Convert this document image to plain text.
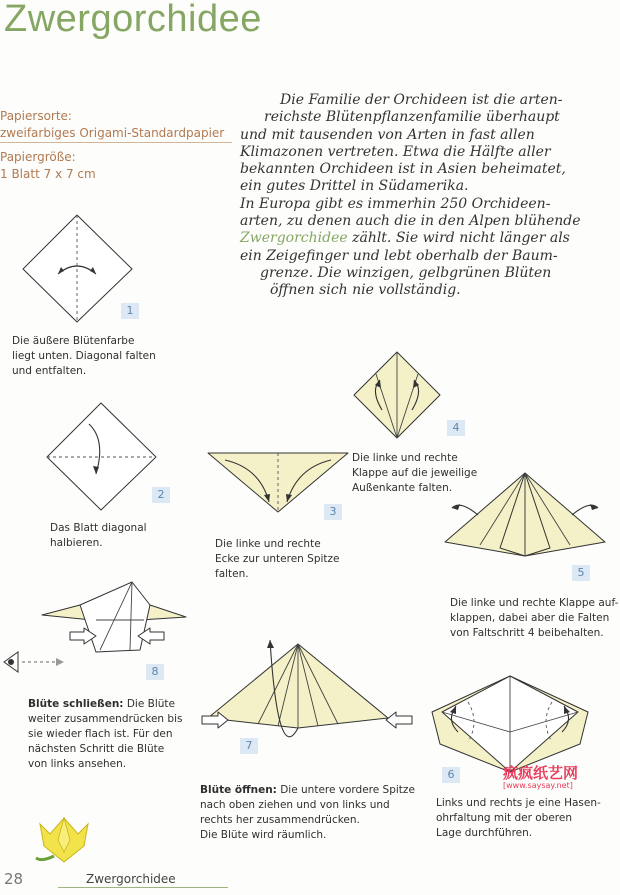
Zwergorchidee
Papiersorte:
zweifarbiges Origami-Standardpapier
Papiergröße:
1 Blatt 7 x 7 cm
Die Familie der Orchideen ist die arten-
reichste Blütenpflanzenfamilie überhaupt
und mit tausenden von Arten in fast allen
Klimazonen vertreten. Etwa die Hälfte aller
bekannten Orchideen ist in Asien beheimatet,
ein gutes Drittel in Südamerika.
In Europa gibt es immerhin 250 Orchideen-
arten, zu denen auch die in den Alpen blühende
Zwergorchidee zählt. Sie wird nicht länger als
ein Zeigefinger und lebt oberhalb der Baum-
grenze. Die winzigen, gelbgrünen Blüten
öffnen sich nie vollständig.
1
Die äußere Blütenfarbe
liegt unten. Diagonal falten
und entfalten.
2
Das Blatt diagonal
halbieren.
3
Die linke und rechte
Ecke zur unteren Spitze
falten.
4
Die linke und rechte
Klappe auf die jeweilige
Außenkante falten.
5
Die linke und rechte Klappe auf-
klappen, dabei aber die Falten
von Faltschritt 4 beibehalten.
6
Links und rechts je eine Hasen-
ohrfaltung mit der oberen
Lage durchführen.
7
Blüte öffnen: Die untere vordere Spitze
nach oben ziehen und von links und
rechts her zusammendrücken.
Die Blüte wird räumlich.
8
Blüte schließen: Die Blüte
weiter zusammendrücken bis
sie wieder flach ist. Für den
nächsten Schritt die Blüte
von links ansehen.	疯疯纸艺网
[www.saysay.net]
28	Zwergorchidee
